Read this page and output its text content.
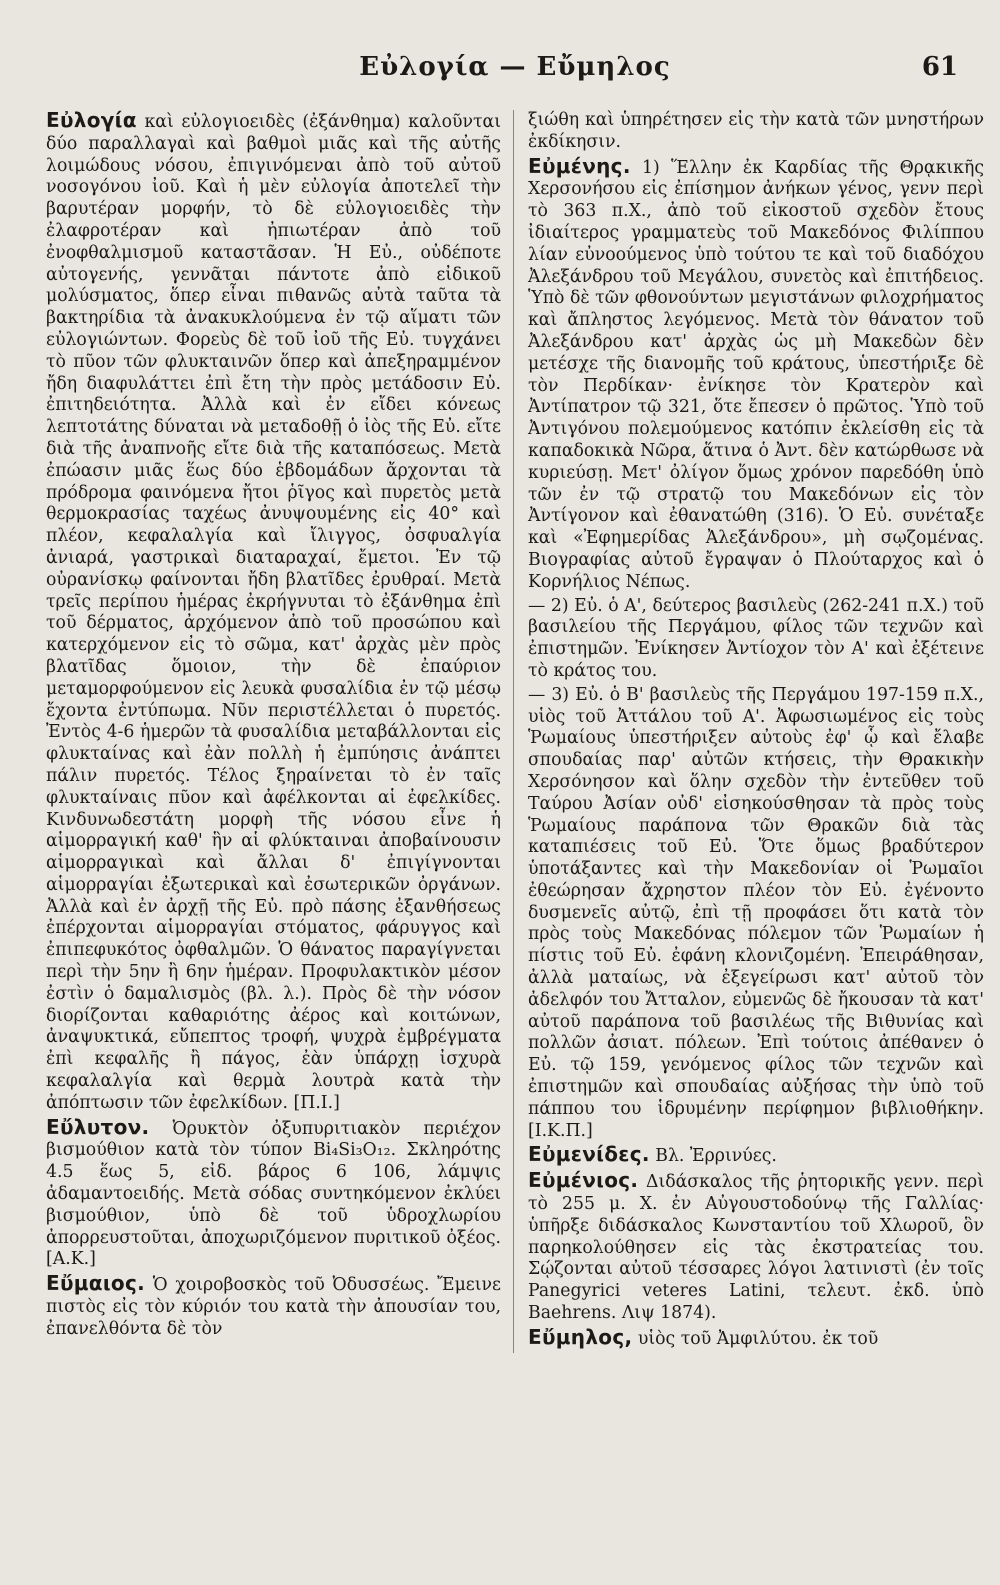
Εὐλογία — Εὔμηλος	61

Εὐλογία καὶ εὐλογιοειδὲς (ἐξάνθημα) καλοῦνται δύο παραλλαγαὶ καὶ βαθμοὶ μιᾶς καὶ τῆς αὐτῆς λοιμώδους νόσου, ἐπιγινόμεναι ἀπὸ τοῦ αὐτοῦ νοσογόνου ἰοῦ. Καὶ ἡ μὲν εὐλογία ἀποτελεῖ τὴν βαρυτέραν μορφήν, τὸ δὲ εὐλογιοειδὲς τὴν ἐλαφροτέραν καὶ ἠπιωτέραν ἀπὸ τοῦ ἐνοφθαλμισμοῦ καταστᾶσαν. Ἡ Εὐ., οὐδέποτε αὐτογενής, γεννᾶται πάντοτε ἀπὸ εἰδικοῦ μολύσματος, ὅπερ εἶναι πιθανῶς αὐτὰ ταῦτα τὰ βακτηρίδια τὰ ἀνακυκλούμενα ἐν τῷ αἵματι τῶν εὐλογιώντων. Φορεὺς δὲ τοῦ ἰοῦ τῆς Εὐ. τυγχάνει τὸ πῦον τῶν φλυκταινῶν ὅπερ καὶ ἀπεξηραμμένον ἤδη διαφυλάττει ἐπὶ ἔτη τὴν πρὸς μετάδοσιν Εὐ. ἐπιτηδειότητα. Ἀλλὰ καὶ ἐν εἴδει κόνεως λεπτοτάτης δύναται νὰ μεταδοθῇ ὁ ἰὸς τῆς Εὐ. εἴτε διὰ τῆς ἀναπνοῆς εἴτε διὰ τῆς καταπόσεως. Μετὰ ἐπώασιν μιᾶς ἕως δύο ἑβδομάδων ἄρχονται τὰ πρόδρομα φαινόμενα ἤτοι ῥῖγος καὶ πυρετὸς μετὰ θερμοκρασίας ταχέως ἀνυψουμένης εἰς 40° καὶ πλέον, κεφαλαλγία καὶ ἴλιγγος, ὀσφυαλγία ἀνιαρά, γαστρικαὶ διαταραχαί, ἔμετοι. Ἐν τῷ οὐρανίσκῳ φαίνονται ἤδη βλατῖδες ἐρυθραί. Μετὰ τρεῖς περίπου ἡμέρας ἐκρήγνυται τὸ ἐξάνθημα ἐπὶ τοῦ δέρματος, ἀρχόμενον ἀπὸ τοῦ προσώπου καὶ κατερχόμενον εἰς τὸ σῶμα, κατ' ἀρχὰς μὲν πρὸς βλατῖδας ὅμοιον, τὴν δὲ ἐπαύριον μεταμορφούμενον εἰς λευκὰ φυσαλίδια ἐν τῷ μέσῳ ἔχοντα ἐντύπωμα. Νῦν περιστέλλεται ὁ πυρετός. Ἐντὸς 4-6 ἡμερῶν τὰ φυσαλίδια μεταβάλλονται εἰς φλυκταίνας καὶ ἐὰν πολλὴ ἡ ἐμπύησις ἀνάπτει πάλιν πυρετός. Τέλος ξηραίνεται τὸ ἐν ταῖς φλυκταίναις πῦον καὶ ἀφέλκονται αἱ ἐφελκίδες. Κινδυνωδεστάτη μορφὴ τῆς νόσου εἶνε ἡ αἱμορραγική καθ' ἣν αἱ φλύκταιναι ἀποβαίνουσιν αἱμορραγικαὶ καὶ ἄλλαι δ' ἐπιγίγνονται αἱμορραγίαι ἐξωτερικαὶ καὶ ἐσωτερικῶν ὀργάνων. Ἀλλὰ καὶ ἐν ἀρχῇ τῆς Εὐ. πρὸ πάσης ἐξανθήσεως ἐπέρχονται αἱμορραγίαι στόματος, φάρυγγος καὶ ἐπιπεφυκότος ὀφθαλμῶν. Ὁ θάνατος παραγίγνεται περὶ τὴν 5ην ἢ 6ην ἡμέραν. Προφυλακτικὸν μέσον ἐστὶν ὁ δαμαλισμὸς (βλ. λ.). Πρὸς δὲ τὴν νόσον διορίζονται καθαριότης ἀέρος καὶ κοιτώνων, ἀναψυκτικά, εὔπεπτος τροφή, ψυχρὰ ἐμβρέγματα ἐπὶ κεφαλῆς ἢ πάγος, ἐὰν ὑπάρχῃ ἰσχυρὰ κεφαλαλγία καὶ θερμὰ λουτρὰ κατὰ τὴν ἀπόπτωσιν τῶν ἐφελκίδων. [Π.Ι.]

Εὔλυτον. Ὀρυκτὸν ὀξυπυριτιακὸν περιέχον βισμούθιον κατὰ τὸν τύπον Bi₄Si₃O₁₂. Σκληρότης 4.5 ἕως 5, εἰδ. βάρος 6 106, λάμψις ἀδαμαντοειδής. Μετὰ σόδας συντηκόμενον ἐκλύει βισμούθιον, ὑπὸ δὲ τοῦ ὑδροχλωρίου ἀπορρευστοῦται, ἀποχωριζόμενον πυριτικοῦ ὀξέος. [Α.Κ.]

Εὔμαιος. Ὁ χοιροβοσκὸς τοῦ Ὀδυσσέως. Ἔμεινε πιστὸς εἰς τὸν κύριόν του κατὰ τὴν ἀπουσίαν του, ἐπανελθόντα δὲ τὸν

ξιώθη καὶ ὑπηρέτησεν εἰς τὴν κατὰ τῶν μνηστήρων ἐκδίκησιν.

Εὐμένης. 1) Ἕλλην ἐκ Καρδίας τῆς Θρᾳκικῆς Χερσονήσου εἰς ἐπίσημον ἀνήκων γένος, γενν περὶ τὸ 363 π.Χ., ἀπὸ τοῦ εἰκοστοῦ σχεδὸν ἔτους ἰδιαίτερος γραμματεὺς τοῦ Μακεδόνος Φιλίππου λίαν εὐνοούμενος ὑπὸ τούτου τε καὶ τοῦ διαδόχου Ἀλεξάνδρου τοῦ Μεγάλου, συνετὸς καὶ ἐπιτήδειος. Ὑπὸ δὲ τῶν φθονούντων μεγιστάνων φιλοχρήματος καὶ ἄπληστος λεγόμενος. Μετὰ τὸν θάνατον τοῦ Ἀλεξάνδρου κατ' ἀρχὰς ὡς μὴ Μακεδὼν δὲν μετέσχε τῆς διανομῆς τοῦ κράτους, ὑπεστήριξε δὲ τὸν Περδίκαν· ἐνίκησε τὸν Κρατερὸν καὶ Ἀντίπατρον τῷ 321, ὅτε ἔπεσεν ὁ πρῶτος. Ὑπὸ τοῦ Ἀντιγόνου πολεμούμενος κατόπιν ἐκλείσθη εἰς τὰ καπαδοκικὰ Νῶρα, ἅτινα ὁ Ἀντ. δὲν κατώρθωσε νὰ κυριεύσῃ. Μετ' ὀλίγον ὅμως χρόνον παρεδόθη ὑπὸ τῶν ἐν τῷ στρατῷ του Μακεδόνων εἰς τὸν Ἀντίγονον καὶ ἐθανατώθη (316). Ὁ Εὐ. συνέταξε καὶ «Ἐφημερίδας Ἀλεξάνδρου», μὴ σῳζομένας. Βιογραφίας αὐτοῦ ἔγραψαν ὁ Πλούταρχος καὶ ὁ Κορνήλιος Νέπως.

— 2) Εὐ. ὁ Α', δεύτερος βασιλεὺς (262-241 π.Χ.) τοῦ βασιλείου τῆς Περγάμου, φίλος τῶν τεχνῶν καὶ ἐπιστημῶν. Ἐνίκησεν Ἀντίοχον τὸν Α' καὶ ἐξέτεινε τὸ κράτος του.

— 3) Εὐ. ὁ Β' βασιλεὺς τῆς Περγάμου 197-159 π.Χ., υἱὸς τοῦ Ἀττάλου τοῦ Α'. Ἀφωσιωμένος εἰς τοὺς Ῥωμαίους ὑπεστήριξεν αὐτοὺς ἐφ' ᾧ καὶ ἔλαβε σπουδαίας παρ' αὐτῶν κτήσεις, τὴν Θρακικὴν Χερσόνησον καὶ ὅλην σχεδὸν τὴν ἐντεῦθεν τοῦ Ταύρου Ἀσίαν οὐδ' εἰσηκούσθησαν τὰ πρὸς τοὺς Ῥωμαίους παράπονα τῶν Θρακῶν διὰ τὰς καταπιέσεις τοῦ Εὐ. Ὅτε ὅμως βραδύτερον ὑποτάξαντες καὶ τὴν Μακεδονίαν οἱ Ῥωμαῖοι ἐθεώρησαν ἄχρηστον πλέον τὸν Εὐ. ἐγένοντο δυσμενεῖς αὐτῷ, ἐπὶ τῇ προφάσει ὅτι κατὰ τὸν πρὸς τοὺς Μακεδόνας πόλεμον τῶν Ῥωμαίων ἡ πίστις τοῦ Εὐ. ἐφάνη κλονιζομένη. Ἐπειράθησαν, ἀλλὰ ματαίως, νὰ ἐξεγείρωσι κατ' αὐτοῦ τὸν ἀδελφόν του Ἄτταλον, εὐμενῶς δὲ ἤκουσαν τὰ κατ' αὐτοῦ παράπονα τοῦ βασιλέως τῆς Βιθυνίας καὶ πολλῶν ἀσιατ. πόλεων. Ἐπὶ τούτοις ἀπέθανεν ὁ Εὐ. τῷ 159, γενόμενος φίλος τῶν τεχνῶν καὶ ἐπιστημῶν καὶ σπουδαίας αὐξήσας τὴν ὑπὸ τοῦ πάππου του ἱδρυμένην περίφημον βιβλιοθήκην. [Ι.Κ.Π.]

Εὐμενίδες. Βλ. Ἐρρινύες.

Εὐμένιος. Διδάσκαλος τῆς ῥητορικῆς γενν. περὶ τὸ 255 μ. Χ. ἐν Αὐγουστοδούνῳ τῆς Γαλλίας· ὑπῆρξε διδάσκαλος Κωνσταντίου τοῦ Χλωροῦ, ὃν παρηκολούθησεν εἰς τὰς ἐκστρατείας του. Σῴζονται αὐτοῦ τέσσαρες λόγοι λατινιστὶ (ἐν τοῖς Panegyrici veteres Latini, τελευτ. ἐκδ. ὑπὸ Baehrens. Λιψ 1874).

Εὔμηλος, υἱὸς τοῦ Ἀμφιλύτου. ἐκ τοῦ
